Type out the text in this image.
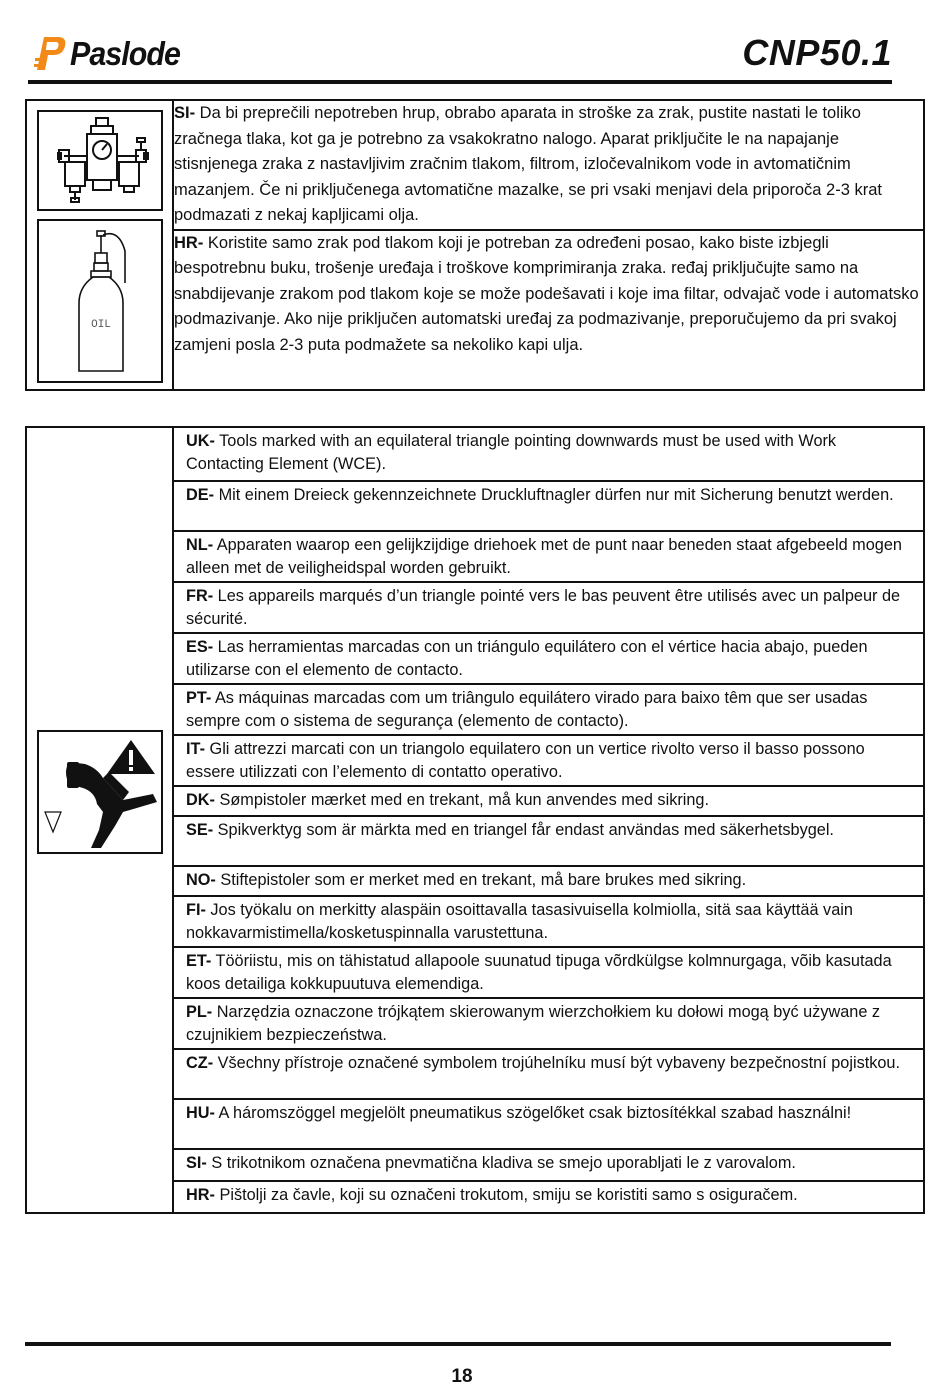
Paslode	CNP50.1
OIL
	SI- Da bi preprečili nepotreben hrup, obrabo aparata in stroške za zrak, pustite nastati le toliko zračnega tlaka, kot ga je potrebno za vsakokratno nalogo. Aparat priključite le na napajanje stisnjenega zraka z nastavljivim zračnim tlakom, filtrom, izločevalnikom vode in avtomatičnim mazanjem. Če ni priključenega avtomatične mazalke, se pri vsaki menjavi dela priporoča 2-3 krat podmazati z nekaj kapljicami olja.
HR- Koristite samo zrak pod tlakom koji je potreban za određeni posao, kako biste izbjegli bespotrebnu buku, trošenje uređaja i troškove komprimiranja zraka. ređaj priključujte samo na snabdijevanje zrakom pod tlakom koje se može podešavati i koje ima filtar, odvajač vode i automatsko podmazivanje. Ako nije priključen automatski uređaj za podmazivanje, preporučujemo da pri svakoj zamjeni posla 2-3 puta podmažete sa nekoliko kapi ulja.
	UK- Tools marked with an equilateral triangle pointing downwards must be used with Work Contacting Element (WCE).
DE- Mit einem Dreieck gekennzeichnete Druckluftnagler dürfen nur mit Sicherung benutzt werden.
NL- Apparaten waarop een gelijkzijdige driehoek met de punt naar beneden staat afgebeeld mogen alleen met de veiligheidspal worden gebruikt.
FR- Les appareils marqués d’un triangle pointé vers le bas peuvent être utilisés avec un palpeur de sécurité.
ES- Las herramientas marcadas con un triángulo equilátero con el vértice hacia abajo, pueden utilizarse con el elemento de contacto.
PT- As máquinas marcadas com um triângulo equilátero virado para baixo têm que ser usadas sempre com o sistema de segurança (elemento de contacto).
IT- Gli attrezzi marcati con un triangolo equilatero con un vertice rivolto verso il basso possono essere utilizzati con l’elemento di contatto operativo.
DK- Sømpistoler mærket med en trekant, må kun anvendes med sikring.
SE- Spikverktyg som är märkta med en triangel får endast användas med säkerhetsbygel.
NO- Stiftepistoler som er merket med en trekant, må bare brukes med sikring.
FI- Jos työkalu on merkitty alaspäin osoittavalla tasasivuisella kolmiolla, sitä saa käyttää vain nokkavarmistimella/kosketuspinnalla varustettuna.
ET- Tööriistu, mis on tähistatud allapoole suunatud tipuga võrdkülgse kolmnurgaga, võib kasutada koos detailiga kokkupuutuva elemendiga.
PL- Narzędzia oznaczone trójkątem skierowanym wierzchołkiem ku dołowi mogą być używane z czujnikiem bezpieczeństwa.
CZ- Všechny přístroje označené symbolem trojúhelníku musí být vybaveny bezpečnostní pojistkou.
HU- A háromszöggel megjelölt pneumatikus szögelőket csak biztosítékkal szabad használni!
SI- S trikotnikom označena pnevmatična kladiva se smejo uporabljati le z varovalom.
HR- Pištolji za čavle, koji su označeni trokutom, smiju se koristiti samo s osiguračem.
18
